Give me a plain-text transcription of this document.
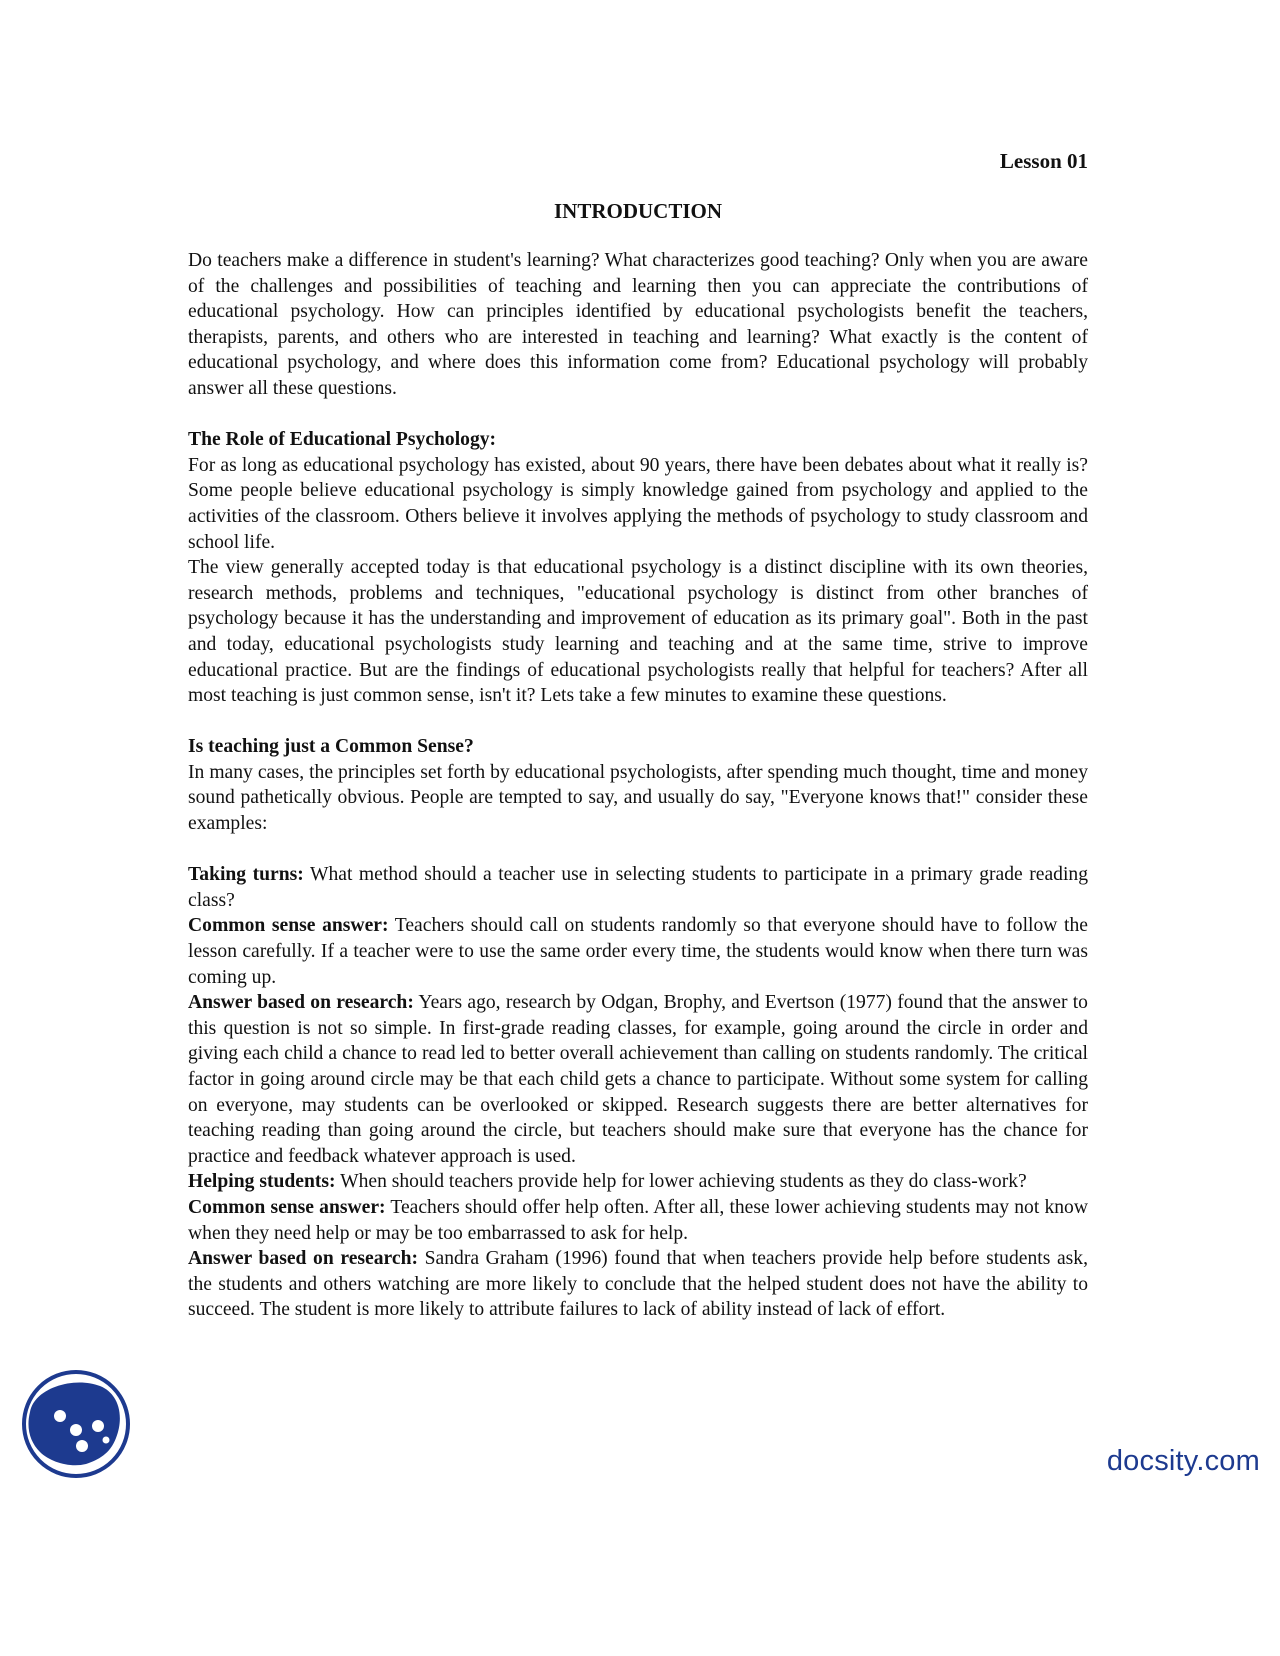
Lesson 01
INTRODUCTION

Do teachers make a difference in student's learning? What characterizes good teaching? Only when you are aware of the challenges and possibilities of teaching and learning then you can appreciate the contributions of educational psychology. How can principles identified by educational psychologists benefit the teachers, therapists, parents, and others who are interested in teaching and learning? What exactly is the content of educational psychology, and where does this information come from? Educational psychology will probably answer all these questions.

The Role of Educational Psychology:

For as long as educational psychology has existed, about 90 years, there have been debates about what it really is? Some people believe educational psychology is simply knowledge gained from psychology and applied to the activities of the classroom. Others believe it involves applying the methods of psychology to study classroom and school life.

The view generally accepted today is that educational psychology is a distinct discipline with its own theories, research methods, problems and techniques, "educational psychology is distinct from other branches of psychology because it has the understanding and improvement of education as its primary goal". Both in the past and today, educational psychologists study learning and teaching and at the same time, strive to improve educational practice. But are the findings of educational psychologists really that helpful for teachers? After all most teaching is just common sense, isn't it? Lets take a few minutes to examine these questions.

Is teaching just a Common Sense?

In many cases, the principles set forth by educational psychologists, after spending much thought, time and money sound pathetically obvious. People are tempted to say, and usually do say, "Everyone knows that!" consider these examples:

Taking turns: What method should a teacher use in selecting students to participate in a primary grade reading class?

Common sense answer: Teachers should call on students randomly so that everyone should have to follow the lesson carefully. If a teacher were to use the same order every time, the students would know when there turn was coming up.

Answer based on research: Years ago, research by Odgan, Brophy, and Evertson (1977) found that the answer to this question is not so simple. In first-grade reading classes, for example, going around the circle in order and giving each child a chance to read led to better overall achievement than calling on students randomly. The critical factor in going around circle may be that each child gets a chance to participate. Without some system for calling on everyone, may students can be overlooked or skipped. Research suggests there are better alternatives for teaching reading than going around the circle, but teachers should make sure that everyone has the chance for practice and feedback whatever approach is used.

Helping students: When should teachers provide help for lower achieving students as they do class-work?

Common sense answer: Teachers should offer help often. After all, these lower achieving students may not know when they need help or may be too embarrassed to ask for help.

Answer based on research: Sandra Graham (1996) found that when teachers provide help before students ask, the students and others watching are more likely to conclude that the helped student does not have the ability to succeed. The student is more likely to attribute failures to lack of ability instead of lack of effort.

docsity.com
